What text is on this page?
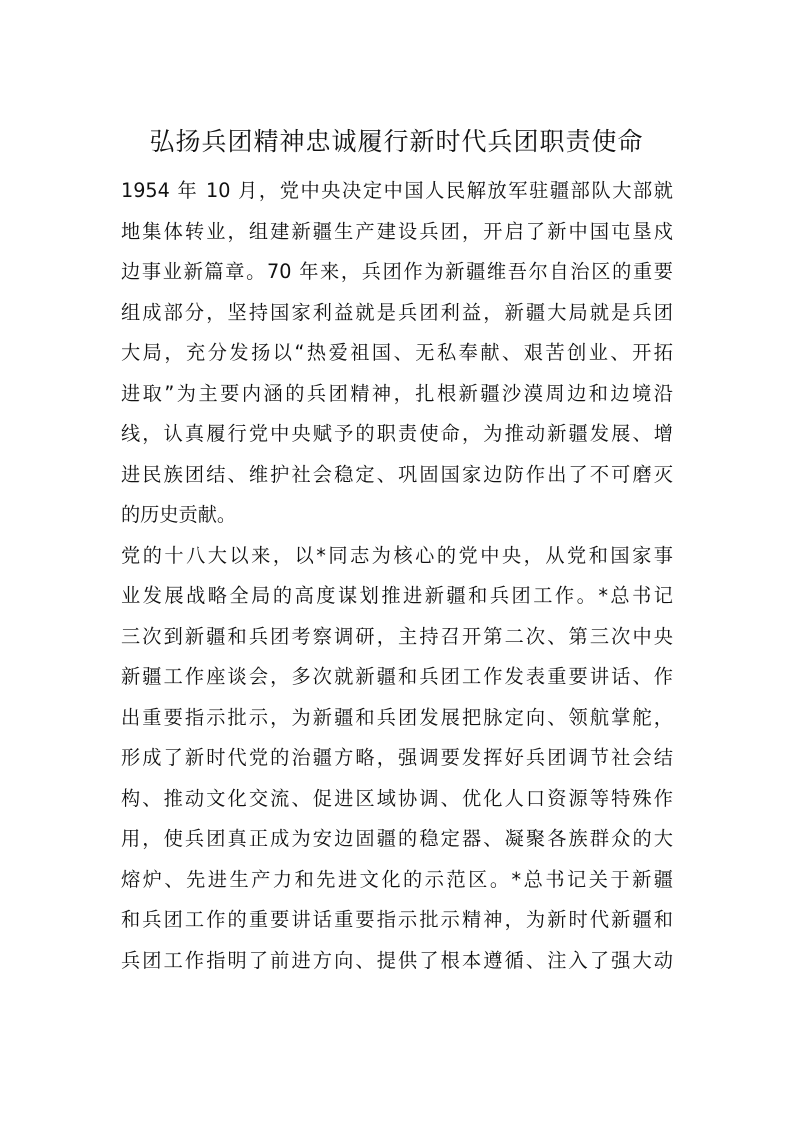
弘扬兵团精神忠诚履行新时代兵团职责使命
1954 年 10 月，党中央决定中国人民解放军驻疆部队大部就
地集体转业，组建新疆生产建设兵团，开启了新中国屯垦戍
边事业新篇章。70 年来，兵团作为新疆维吾尔自治区的重要
组成部分，坚持国家利益就是兵团利益，新疆大局就是兵团
大局，充分发扬以“热爱祖国、无私奉献、艰苦创业、开拓
进取”为主要内涵的兵团精神，扎根新疆沙漠周边和边境沿
线，认真履行党中央赋予的职责使命，为推动新疆发展、增
进民族团结、维护社会稳定、巩固国家边防作出了不可磨灭
的历史贡献。
党的十八大以来，以*同志为核心的党中央，从党和国家事
业发展战略全局的高度谋划推进新疆和兵团工作。*总书记
三次到新疆和兵团考察调研，主持召开第二次、第三次中央
新疆工作座谈会，多次就新疆和兵团工作发表重要讲话、作
出重要指示批示，为新疆和兵团发展把脉定向、领航掌舵，
形成了新时代党的治疆方略，强调要发挥好兵团调节社会结
构、推动文化交流、促进区域协调、优化人口资源等特殊作
用，使兵团真正成为安边固疆的稳定器、凝聚各族群众的大
熔炉、先进生产力和先进文化的示范区。*总书记关于新疆
和兵团工作的重要讲话重要指示批示精神，为新时代新疆和
兵团工作指明了前进方向、提供了根本遵循、注入了强大动
